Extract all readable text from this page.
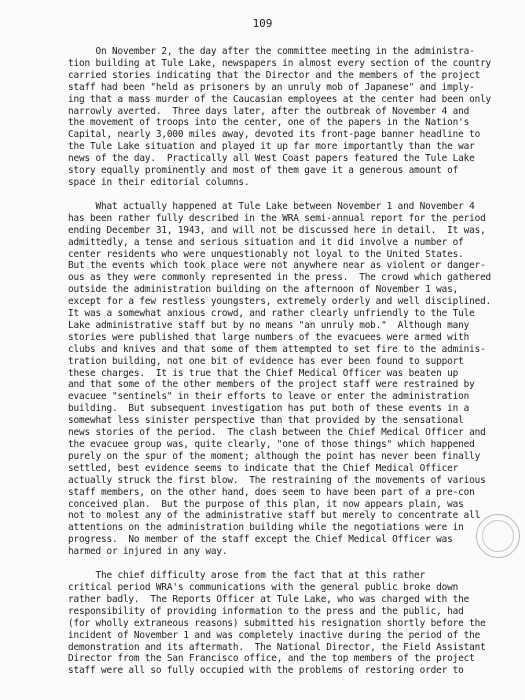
109
On November 2, the day after the committee meeting in the administra-
tion building at Tule Lake, newspapers in almost every section of the country
carried stories indicating that the Director and the members of the project
staff had been "held as prisoners by an unruly mob of Japanese" and imply-
ing that a mass murder of the Caucasian employees at the center had been only
narrowly averted.  Three days later, after the outbreak of November 4 and
the movement of troops into the center, one of the papers in the Nation's
Capital, nearly 3,000 miles away, devoted its front-page banner headline to
the Tule Lake situation and played it up far more importantly than the war
news of the day.  Practically all West Coast papers featured the Tule Lake
story equally prominently and most of them gave it a generous amount of
space in their editorial columns.
What actually happened at Tule Lake between November 1 and November 4
has been rather fully described in the WRA semi-annual report for the period
ending December 31, 1943, and will not be discussed here in detail.  It was,
admittedly, a tense and serious situation and it did involve a number of
center residents who were unquestionably not loyal to the United States.
But the events which took place were not anywhere near as violent or danger-
ous as they were commonly represented in the press.  The crowd which gathered
outside the administration building on the afternoon of November 1 was,
except for a few restless youngsters, extremely orderly and well disciplined.
It was a somewhat anxious crowd, and rather clearly unfriendly to the Tule
Lake administrative staff but by no means "an unruly mob."  Although many
stories were published that large numbers of the evacuees were armed with
clubs and knives and that some of them attempted to set fire to the adminis-
tration building, not one bit of evidence has ever been found to support
these charges.  It is true that the Chief Medical Officer was beaten up
and that some of the other members of the project staff were restrained by
evacuee "sentinels" in their efforts to leave or enter the administration
building.  But subsequent investigation has put both of these events in a
somewhat less sinister perspective than that provided by the sensational
news stories of the period.  The clash between the Chief Medical Officer and
the evacuee group was, quite clearly, "one of those things" which happened
purely on the spur of the moment; although the point has never been finally
settled, best evidence seems to indicate that the Chief Medical Officer
actually struck the first blow.  The restraining of the movements of various
staff members, on the other hand, does seem to have been part of a pre-con
conceived plan.  But the purpose of this plan, it now appears plain, was
not to molest any of the administrative staff but merely to concentrate all
attentions on the administration building while the negotiations were in
progress.  No member of the staff except the Chief Medical Officer was
harmed or injured in any way.
The chief difficulty arose from the fact that at this rather
critical period WRA's communications with the general public broke down
rather badly.  The Reports Officer at Tule Lake, who was charged with the
responsibility of providing information to the press and the public, had
(for wholly extraneous reasons) submitted his resignation shortly before the
incident of November 1 and was completely inactive during the period of the
demonstration and its aftermath.  The National Director, the Field Assistant
Director from the San Francisco office, and the top members of the project
staff were all so fully occupied with the problems of restoring order to
